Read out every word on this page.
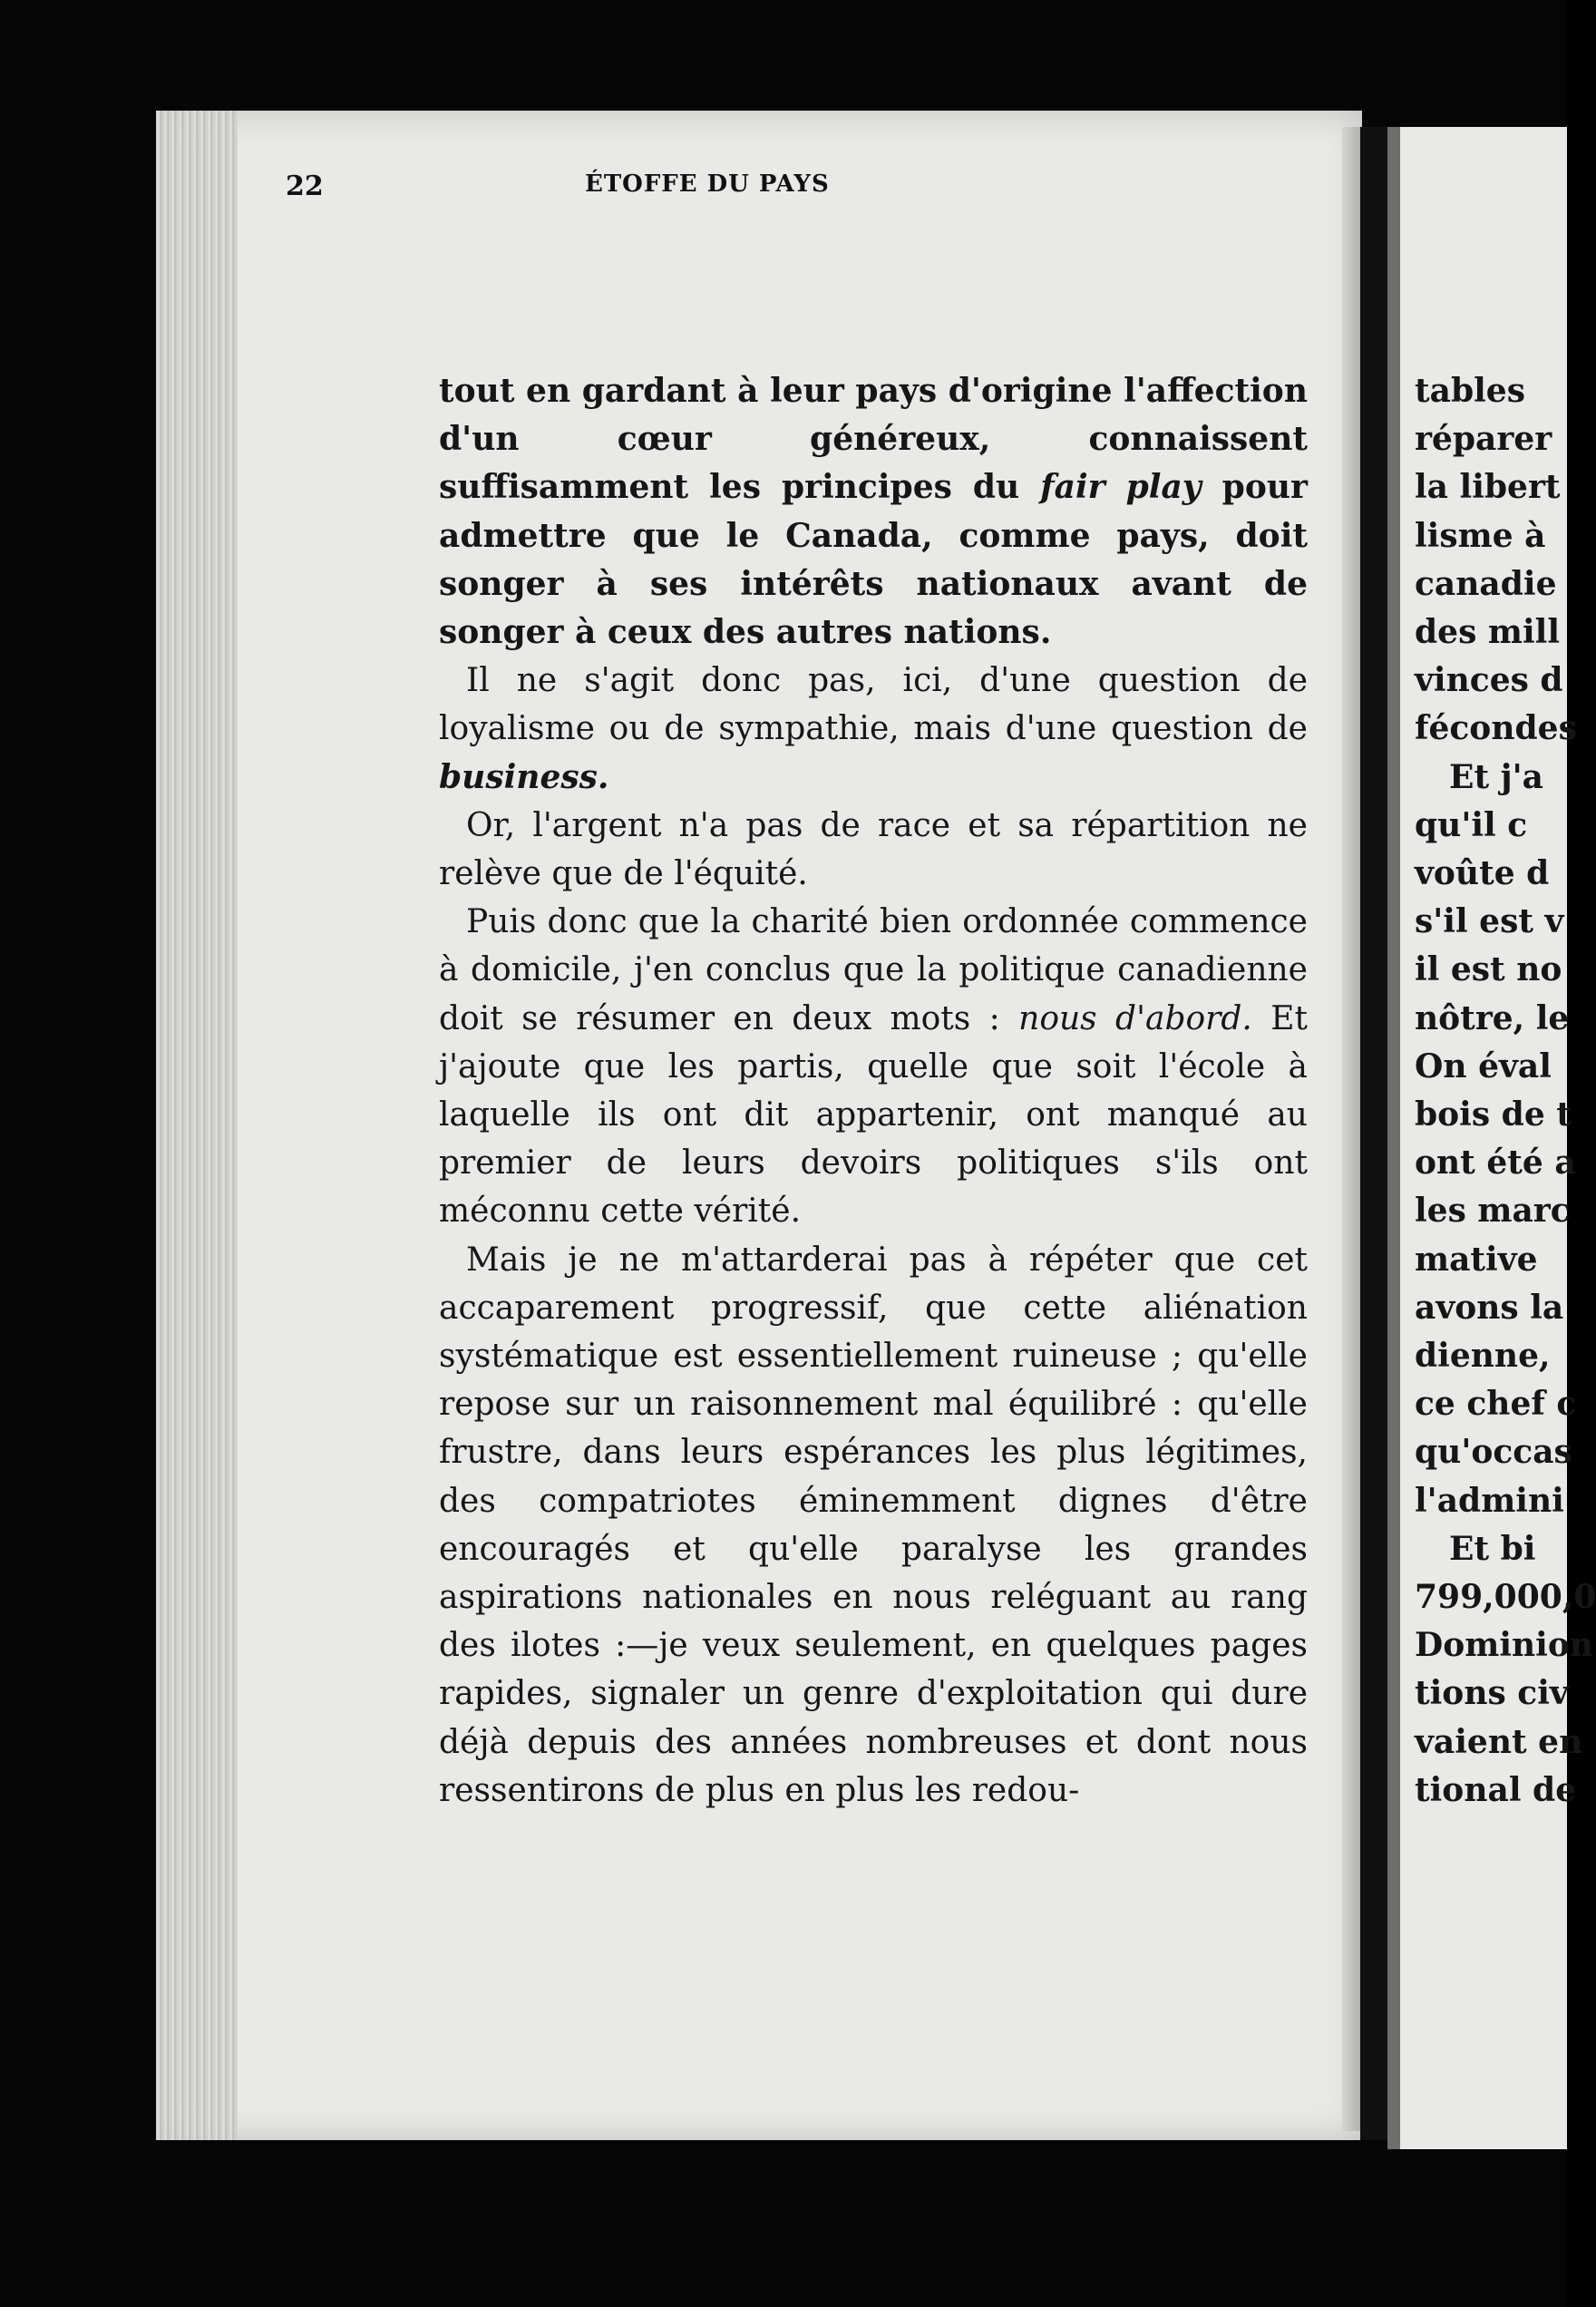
22	ÉTOFFE DU PAYS

tout en gardant à leur pays d'origine l'affection d'un cœur généreux, connaissent suffisamment les principes du fair play pour admettre que le Canada, comme pays, doit songer à ses intérêts nationaux avant de songer à ceux des autres nations.

Il ne s'agit donc pas, ici, d'une question de loyalisme ou de sympathie, mais d'une question de business.

Or, l'argent n'a pas de race et sa répartition ne relève que de l'équité.

Puis donc que la charité bien ordonnée commence à domicile, j'en conclus que la politique canadienne doit se résumer en deux mots : nous d'abord. Et j'ajoute que les partis, quelle que soit l'école à laquelle ils ont dit appartenir, ont manqué au premier de leurs devoirs politiques s'ils ont méconnu cette vérité.

Mais je ne m'attarderai pas à répéter que cet accaparement progressif, que cette aliénation systématique est essentiellement ruineuse ; qu'elle repose sur un raisonnement mal équilibré : qu'elle frustre, dans leurs espérances les plus légitimes, des compatriotes éminemment dignes d'être encouragés et qu'elle paralyse les grandes aspirations nationales en nous reléguant au rang des ilotes :—je veux seulement, en quelques pages rapides, signaler un genre d'exploitation qui dure déjà depuis des années nombreuses et dont nous ressentirons de plus en plus les redou-

tables
réparer
la libert
lisme à
canadie
des mill
vinces d
fécondes
Et j'a
qu'il c
voûte d
s'il est v
il est no
nôtre, le
On éval
bois de t
ont été a
les marc
mative
avons la
dienne,
ce chef c
qu'occas
l'admini
Et bi
799,000,0
Dominion
tions civ
vaient en
tional de
